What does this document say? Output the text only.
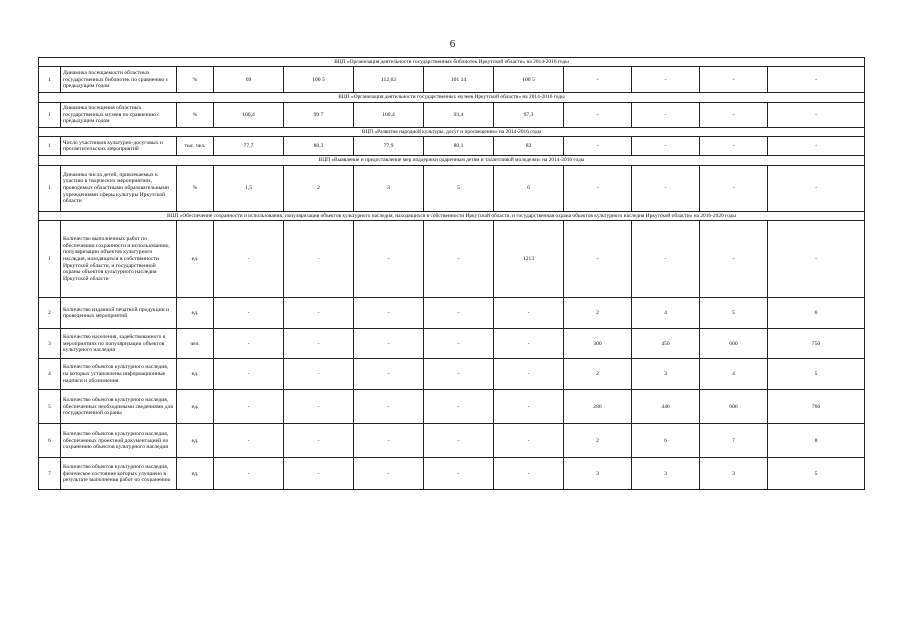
6
ВЦП «Организация деятельности государственных библиотек Иркутской области» на 2014-2016 годы											
1	Динамика посещаемости областных государственных библиотек по сравнению с предыдущим годом	%	69	100 5	112,62	101 14	100 5	-	-	-	-
ВЦП «Организация деятельности государственных музеев Иркутской области» на 2014-2016 годы											
1	Динамика посещения областных государственных музеев по сравнению с предыдущим годом	%	100,4	99 7	100,4	93,4	97,3	-	-	-	-
ВЦП «Развитие народной культуры, досуг и просвещение» на 2014-2016 годы											
1	Число участников культурно-досуговых и просветительских мероприятий	тыс. чел.	77,7	80,3	77,9	80,1	83	-	-	-	-
ВЦП «Выявление и предоставление мер поддержки одаренным детям и талантливой молодежи» на 2014-2016 годы											
1	Динамика числа детей, привлекаемых к участию в творческих мероприятиях, проводимых областными образовательными учреждениями сферы культуры Иркутской области	%	1,5	2	3	5	6	-	-	-	-
ВЦП «Обеспечение сохранности и использования, популяризация объектов культурного наследия, находящихся в собственности Иркутской области, и государственная охрана объектов культурного наследия Иркутской области» на 2016-2020 годы											
1	Количество выполненных работ по обеспечению сохранности и использованию, популяризации объектов культурного наследия, находящихся в собственности Иркутской области, и государственной охраны объектов культурного наследия Иркутской области	ед.	-	-	-	-	1213	-	-	-	-
2	Количество изданной печатной продукции и проведенных мероприятий	ед.	-	-	-	-	-	2	4	5	6
3	Количество населения, задействованного в мероприятиях по популяризации объектов культурного наследия	чел.	-	-	-	-	-	300	450	600	750
4	Количество объектов культурного наследия, на которых установлены информационные надписи и обозначения	ед.	-	-	-	-	-	2	3	4	5
5	Количество объектов культурного наследия, обеспеченных необходимыми сведениями для государственной охраны	ед.	-	-	-	-	-	286	446	606	766
6	Количество объектов культурного наследия, обеспеченных проектной документацией по сохранению объектов культурного наследия	ед.	-	-	-	-	-	2	6	7	8
7	Количество объектов культурного наследия, физическое состояние которых улучшено в результате выполнения работ по сохранению	ед.	-	-	-	-	-	3	3	3	5
